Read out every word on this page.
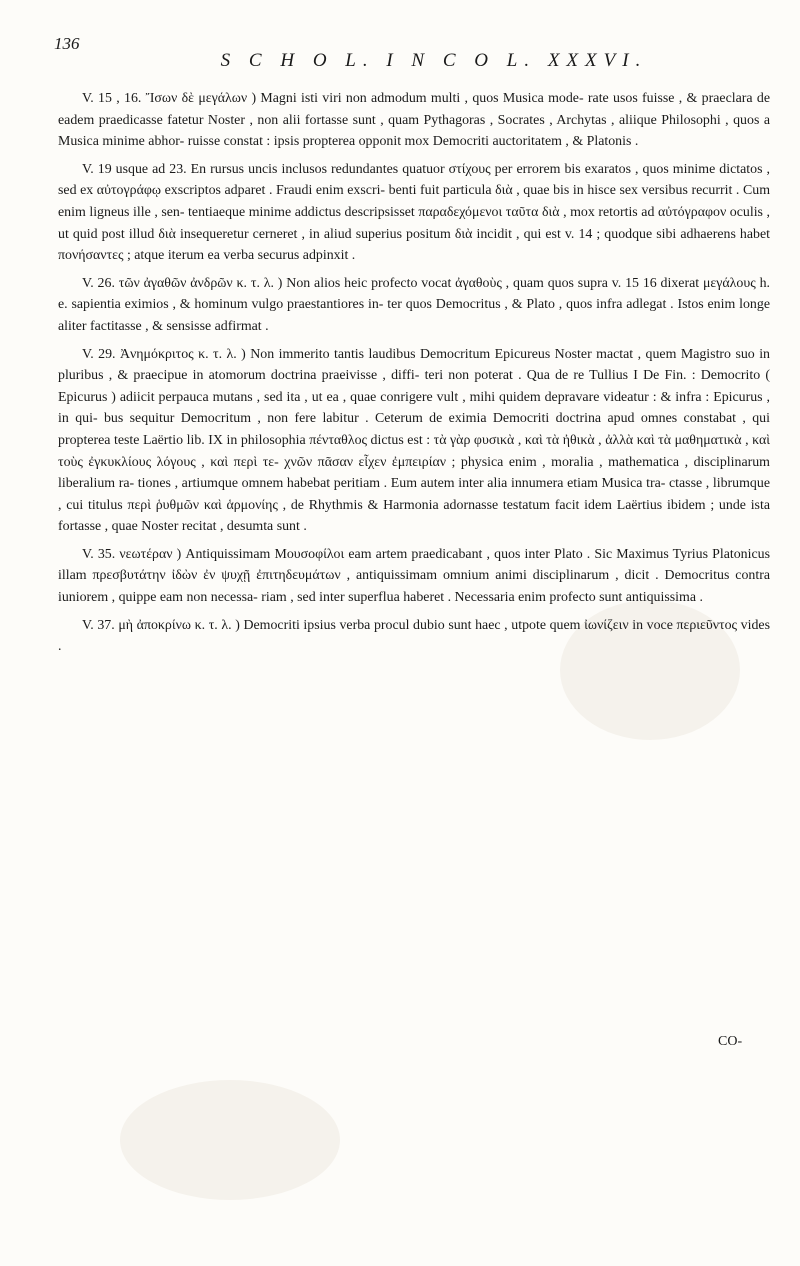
136
S C H O L. I N C O L. XXXVI.

V. 15 , 16. Ἴσων δὲ μεγάλων ) Magni isti viri non admodum multi , quos Musica mode- rate usos fuisse , & praeclara de eadem praedicasse fatetur Noster , non alii fortasse sunt , quam Pythagoras , Socrates , Archytas , aliique Philosophi , quos a Musica minime abhor- ruisse constat : ipsis propterea opponit mox Democriti auctoritatem , & Platonis .

V. 19 usque ad 23. En rursus uncis inclusos redundantes quatuor στίχους per errorem bis exaratos , quos minime dictatos , sed ex αὐτογράφῳ exscriptos adparet . Fraudi enim exscri- benti fuit particula διὰ , quae bis in hisce sex versibus recurrit . Cum enim ligneus ille , sen- tentiaeque minime addictus descripsisset παραδεχόμενοι ταῦτα διὰ , mox retortis ad αὐτόγραφον oculis , ut quid post illud διὰ insequeretur cerneret , in aliud superius positum διὰ incidit , qui est v. 14 ; quodque sibi adhaerens habet πονήσαντες ; atque iterum ea verba securus adpinxit .

V. 26. τῶν ἀγαθῶν ἀνδρῶν κ. τ. λ. ) Non alios heic profecto vocat ἀγαθοὺς , quam quos supra v. 15 16 dixerat μεγάλους h. e. sapientia eximios , & hominum vulgo praestantiores in- ter quos Democritus , & Plato , quos infra adlegat . Istos enim longe aliter factitasse , & sensisse adfirmat .

V. 29. Ἀνημόκριτος κ. τ. λ. ) Non immerito tantis laudibus Democritum Epicureus Noster mactat , quem Magistro suo in pluribus , & praecipue in atomorum doctrina praeivisse , diffi- teri non poterat . Qua de re Tullius I De Fin. : Democrito ( Epicurus ) adiicit perpauca mutans , sed ita , ut ea , quae conrigere vult , mihi quidem depravare videatur : & infra : Epicurus , in qui- bus sequitur Democritum , non fere labitur . Ceterum de eximia Democriti doctrina apud omnes constabat , qui propterea teste Laërtio lib. IX in philosophia πένταθλος dictus est : τὰ γὰρ φυσικὰ , καὶ τὰ ἠθικὰ , ἀλλὰ καὶ τὰ μαθηματικὰ , καὶ τοὺς ἐγκυκλίους λόγους , καὶ περὶ τε- χνῶν πᾶσαν εἶχεν ἐμπειρίαν ; physica enim , moralia , mathematica , disciplinarum liberalium ra- tiones , artiumque omnem habebat peritiam . Eum autem inter alia innumera etiam Musica tra- ctasse , librumque , cui titulus περὶ ῥυθμῶν καὶ ἁρμονίης , de Rhythmis & Harmonia adornasse testatum facit idem Laërtius ibidem ; unde ista fortasse , quae Noster recitat , desumta sunt .

V. 35. νεωτέραν ) Antiquissimam Μουσοφίλοι eam artem praedicabant , quos inter Plato . Sic Maximus Tyrius Platonicus illam πρεσβυτάτην ἰδὼν ἐν ψυχῇ ἐπιτηδευμάτων , antiquissimam omnium animi disciplinarum , dicit . Democritus contra iuniorem , quippe eam non necessa- riam , sed inter superflua haberet . Necessaria enim profecto sunt antiquissima .

V. 37. μὴ ἀποκρίνω κ. τ. λ. ) Democriti ipsius verba procul dubio sunt haec , utpote quem ἰωνίζειν in voce περιεῦντος vides .

CO-
